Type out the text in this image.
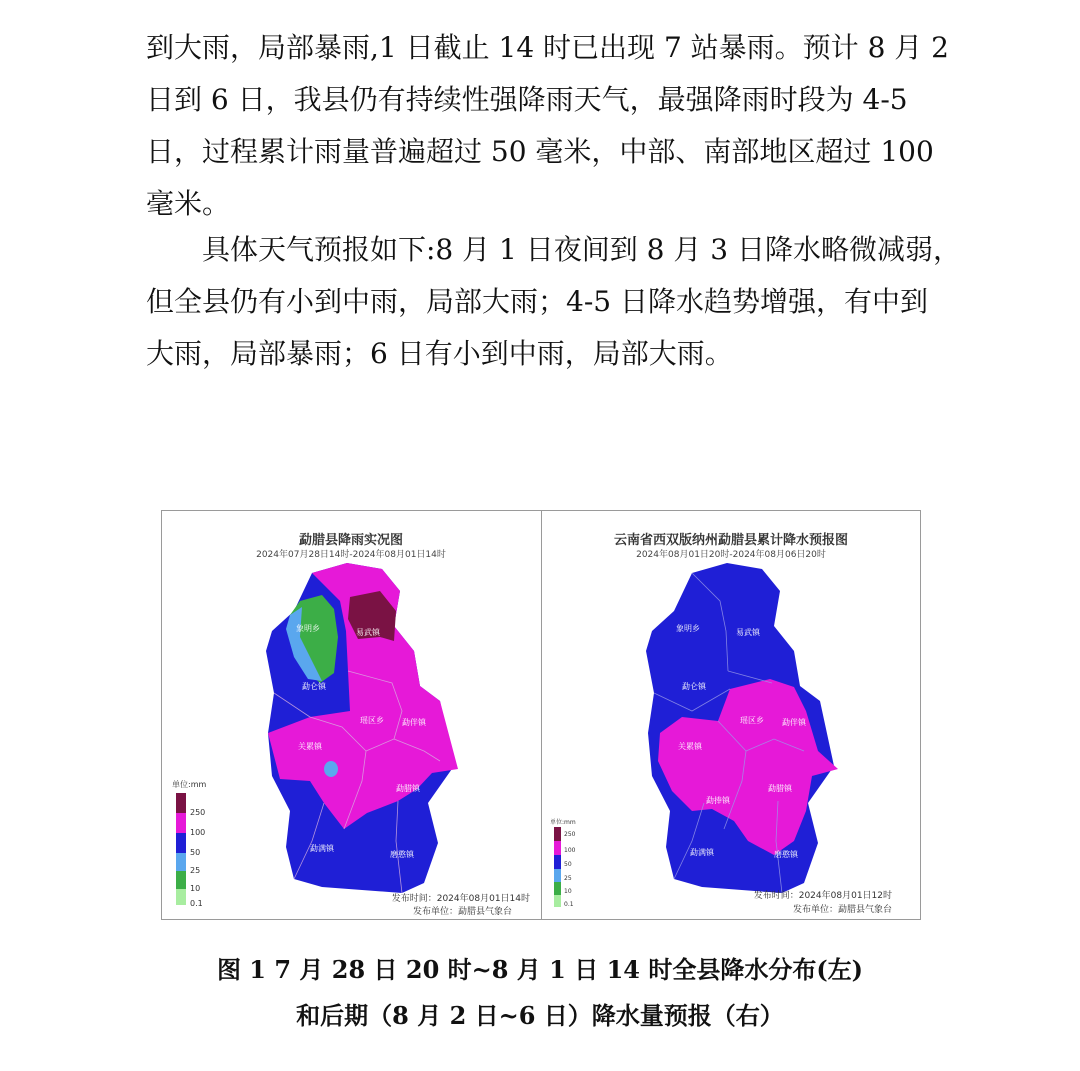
到大雨，局部暴雨,1 日截止 14 时已出现 7 站暴雨。预计 8 月 2
日到 6 日，我县仍有持续性强降雨天气，最强降雨时段为 4-5
日，过程累计雨量普遍超过 50 毫米，中部、南部地区超过 100
毫米。
具体天气预报如下:8 月 1 日夜间到 8 月 3 日降水略微减弱，
但全县仍有小到中雨，局部大雨；4-5 日降水趋势增强，有中到
大雨，局部暴雨；6 日有小到中雨，局部大雨。
勐腊县降雨实况图
2024年07月28日14时-2024年08月01日14时
象明乡	易武镇
勐仑镇
瑶区乡 勐伴镇
关累镇
勐腊镇
勐满镇
磨憨镇
单位:mm
250
100
50
25
10
0.1	发布时间：2024年08月01日14时
发布单位：勐腊县气象台
云南省西双版纳州勐腊县累计降水预报图
2024年08月01日20时-2024年08月06日20时
象明乡	易武镇
勐仑镇
瑶区乡 勐伴镇
关累镇
勐腊镇
勐捧镇
勐满镇	磨憨镇
单位:mm
250
100
50
25
10
0.1
发布时间：2024年08月01日12时
发布单位：勐腊县气象台
图 1 7 月 28 日 20 时~8 月 1 日 14 时全县降水分布(左)
和后期（8 月 2 日~6 日）降水量预报（右）
